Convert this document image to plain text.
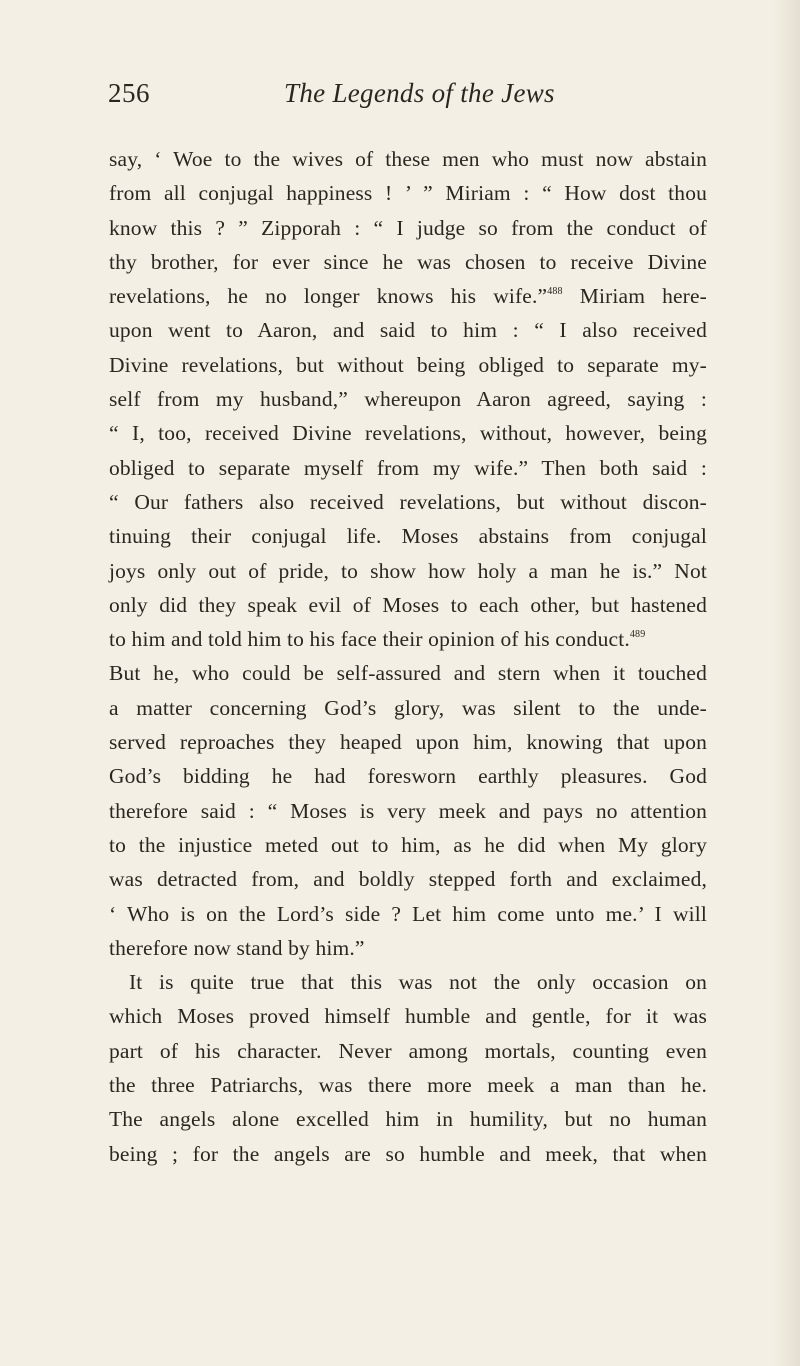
256	The Legends of the Jews
say, ‘ Woe to the wives of these men who must now abstain
from all conjugal happiness ! ’ ” Miriam : “ How dost thou
know this ? ” Zipporah : “ I judge so from the conduct of
thy brother, for ever since he was chosen to receive Divine
revelations, he no longer knows his wife.”$^{488}$ Miriam here-
upon went to Aaron, and said to him : “ I also received
Divine revelations, but without being obliged to separate my-
self from my husband,” whereupon Aaron agreed, saying :
“ I, too, received Divine revelations, without, however, being
obliged to separate myself from my wife.” Then both said :
“ Our fathers also received revelations, but without discon-
tinuing their conjugal life. Moses abstains from conjugal
joys only out of pride, to show how holy a man he is.” Not
only did they speak evil of Moses to each other, but hastened
to him and told him to his face their opinion of his conduct.$^{489}$
But he, who could be self-assured and stern when it touched
a matter concerning God’s glory, was silent to the unde-
served reproaches they heaped upon him, knowing that upon
God’s bidding he had foresworn earthly pleasures. God
therefore said : “ Moses is very meek and pays no attention
to the injustice meted out to him, as he did when My glory
was detracted from, and boldly stepped forth and exclaimed,
‘ Who is on the Lord’s side ? Let him come unto me.’ I will
therefore now stand by him.”
It is quite true that this was not the only occasion on
which Moses proved himself humble and gentle, for it was
part of his character. Never among mortals, counting even
the three Patriarchs, was there more meek a man than he.
The angels alone excelled him in humility, but no human
being ; for the angels are so humble and meek, that when
